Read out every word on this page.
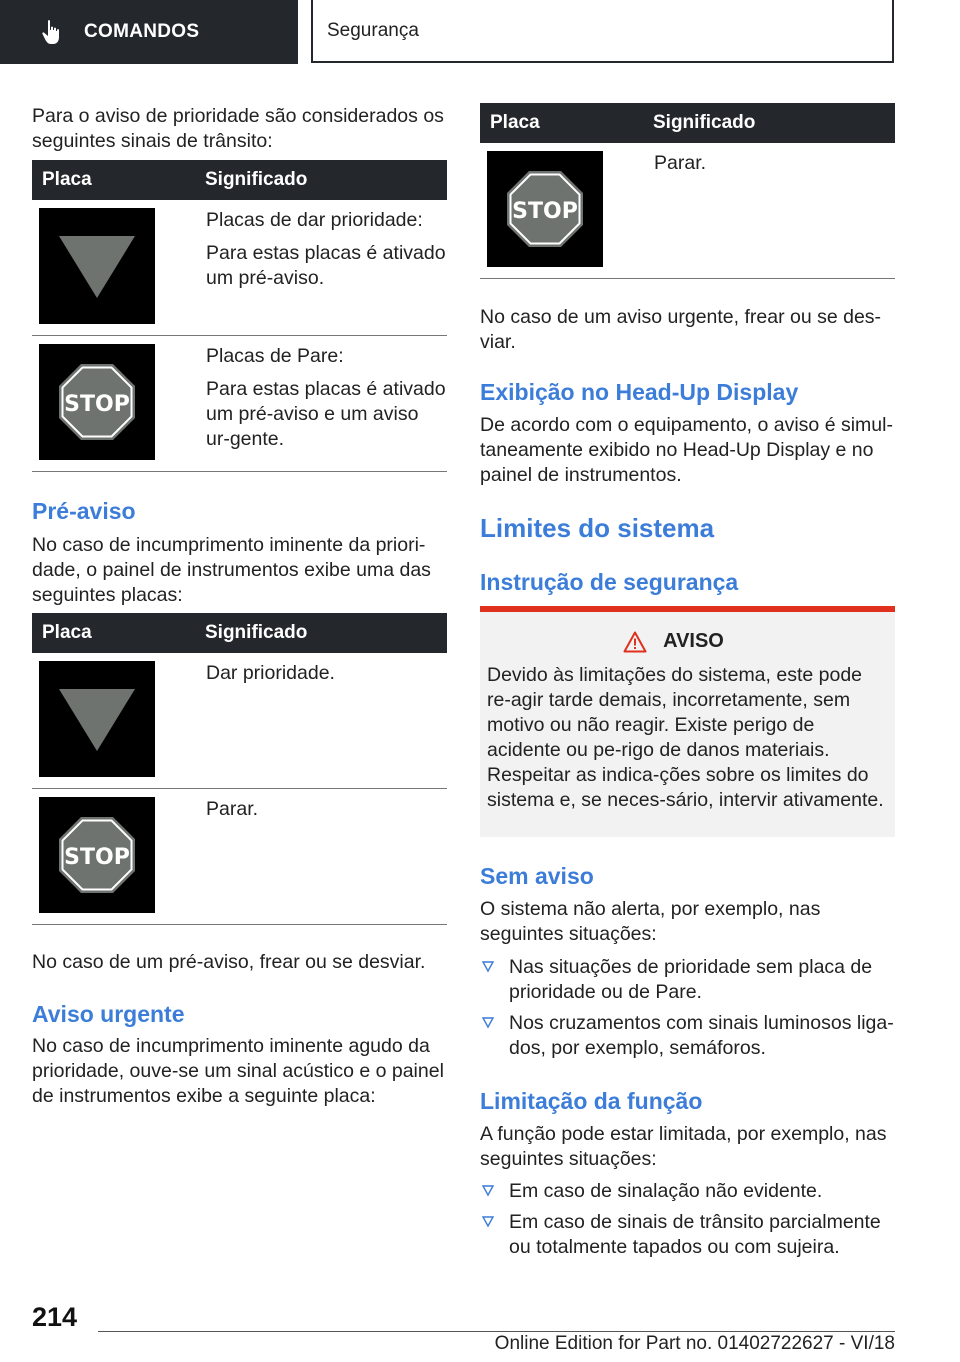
COMANDOS	Segurança

Para o aviso de prioridade são considerados os seguintes sinais de trânsito:

Placa	Significado

Placas de dar prioridade:
Para estas placas é ativado um pré-aviso.

STOP	Placas de Pare:
Para estas placas é ativado um pré-aviso e um aviso ur-gente.
Pré-aviso

No caso de incumprimento iminente da priori-dade, o painel de instrumentos exibe uma das seguintes placas:

Placa	Significado

Dar prioridade.

STOP	Parar.

No caso de um pré-aviso, frear ou se desviar.

Aviso urgente

No caso de incumprimento iminente agudo da prioridade, ouve-se um sinal acústico e o painel de instrumentos exibe a seguinte placa:

Placa	Significado

STOP	Parar.

No caso de um aviso urgente, frear ou se des-viar.

Exibição no Head-Up Display

De acordo com o equipamento, o aviso é simul-taneamente exibido no Head-Up Display e no painel de instrumentos.

Limites do sistema
Instrução de segurança
AVISO

Devido às limitações do sistema, este pode re-agir tarde demais, incorretamente, sem motivo ou não reagir. Existe perigo de acidente ou pe-rigo de danos materiais. Respeitar as indica-ções sobre os limites do sistema e, se neces-sário, intervir ativamente.

Sem aviso

O sistema não alerta, por exemplo, nas seguintes situações:

Nas situações de prioridade sem placa de prioridade ou de Pare.
Nos cruzamentos com sinais luminosos liga-dos, por exemplo, semáforos.
Limitação da função

A função pode estar limitada, por exemplo, nas seguintes situações:

Em caso de sinalação não evidente.
Em caso de sinais de trânsito parcialmente ou totalmente tapados ou com sujeira.
214
Online Edition for Part no. 01402722627 - VI/18
